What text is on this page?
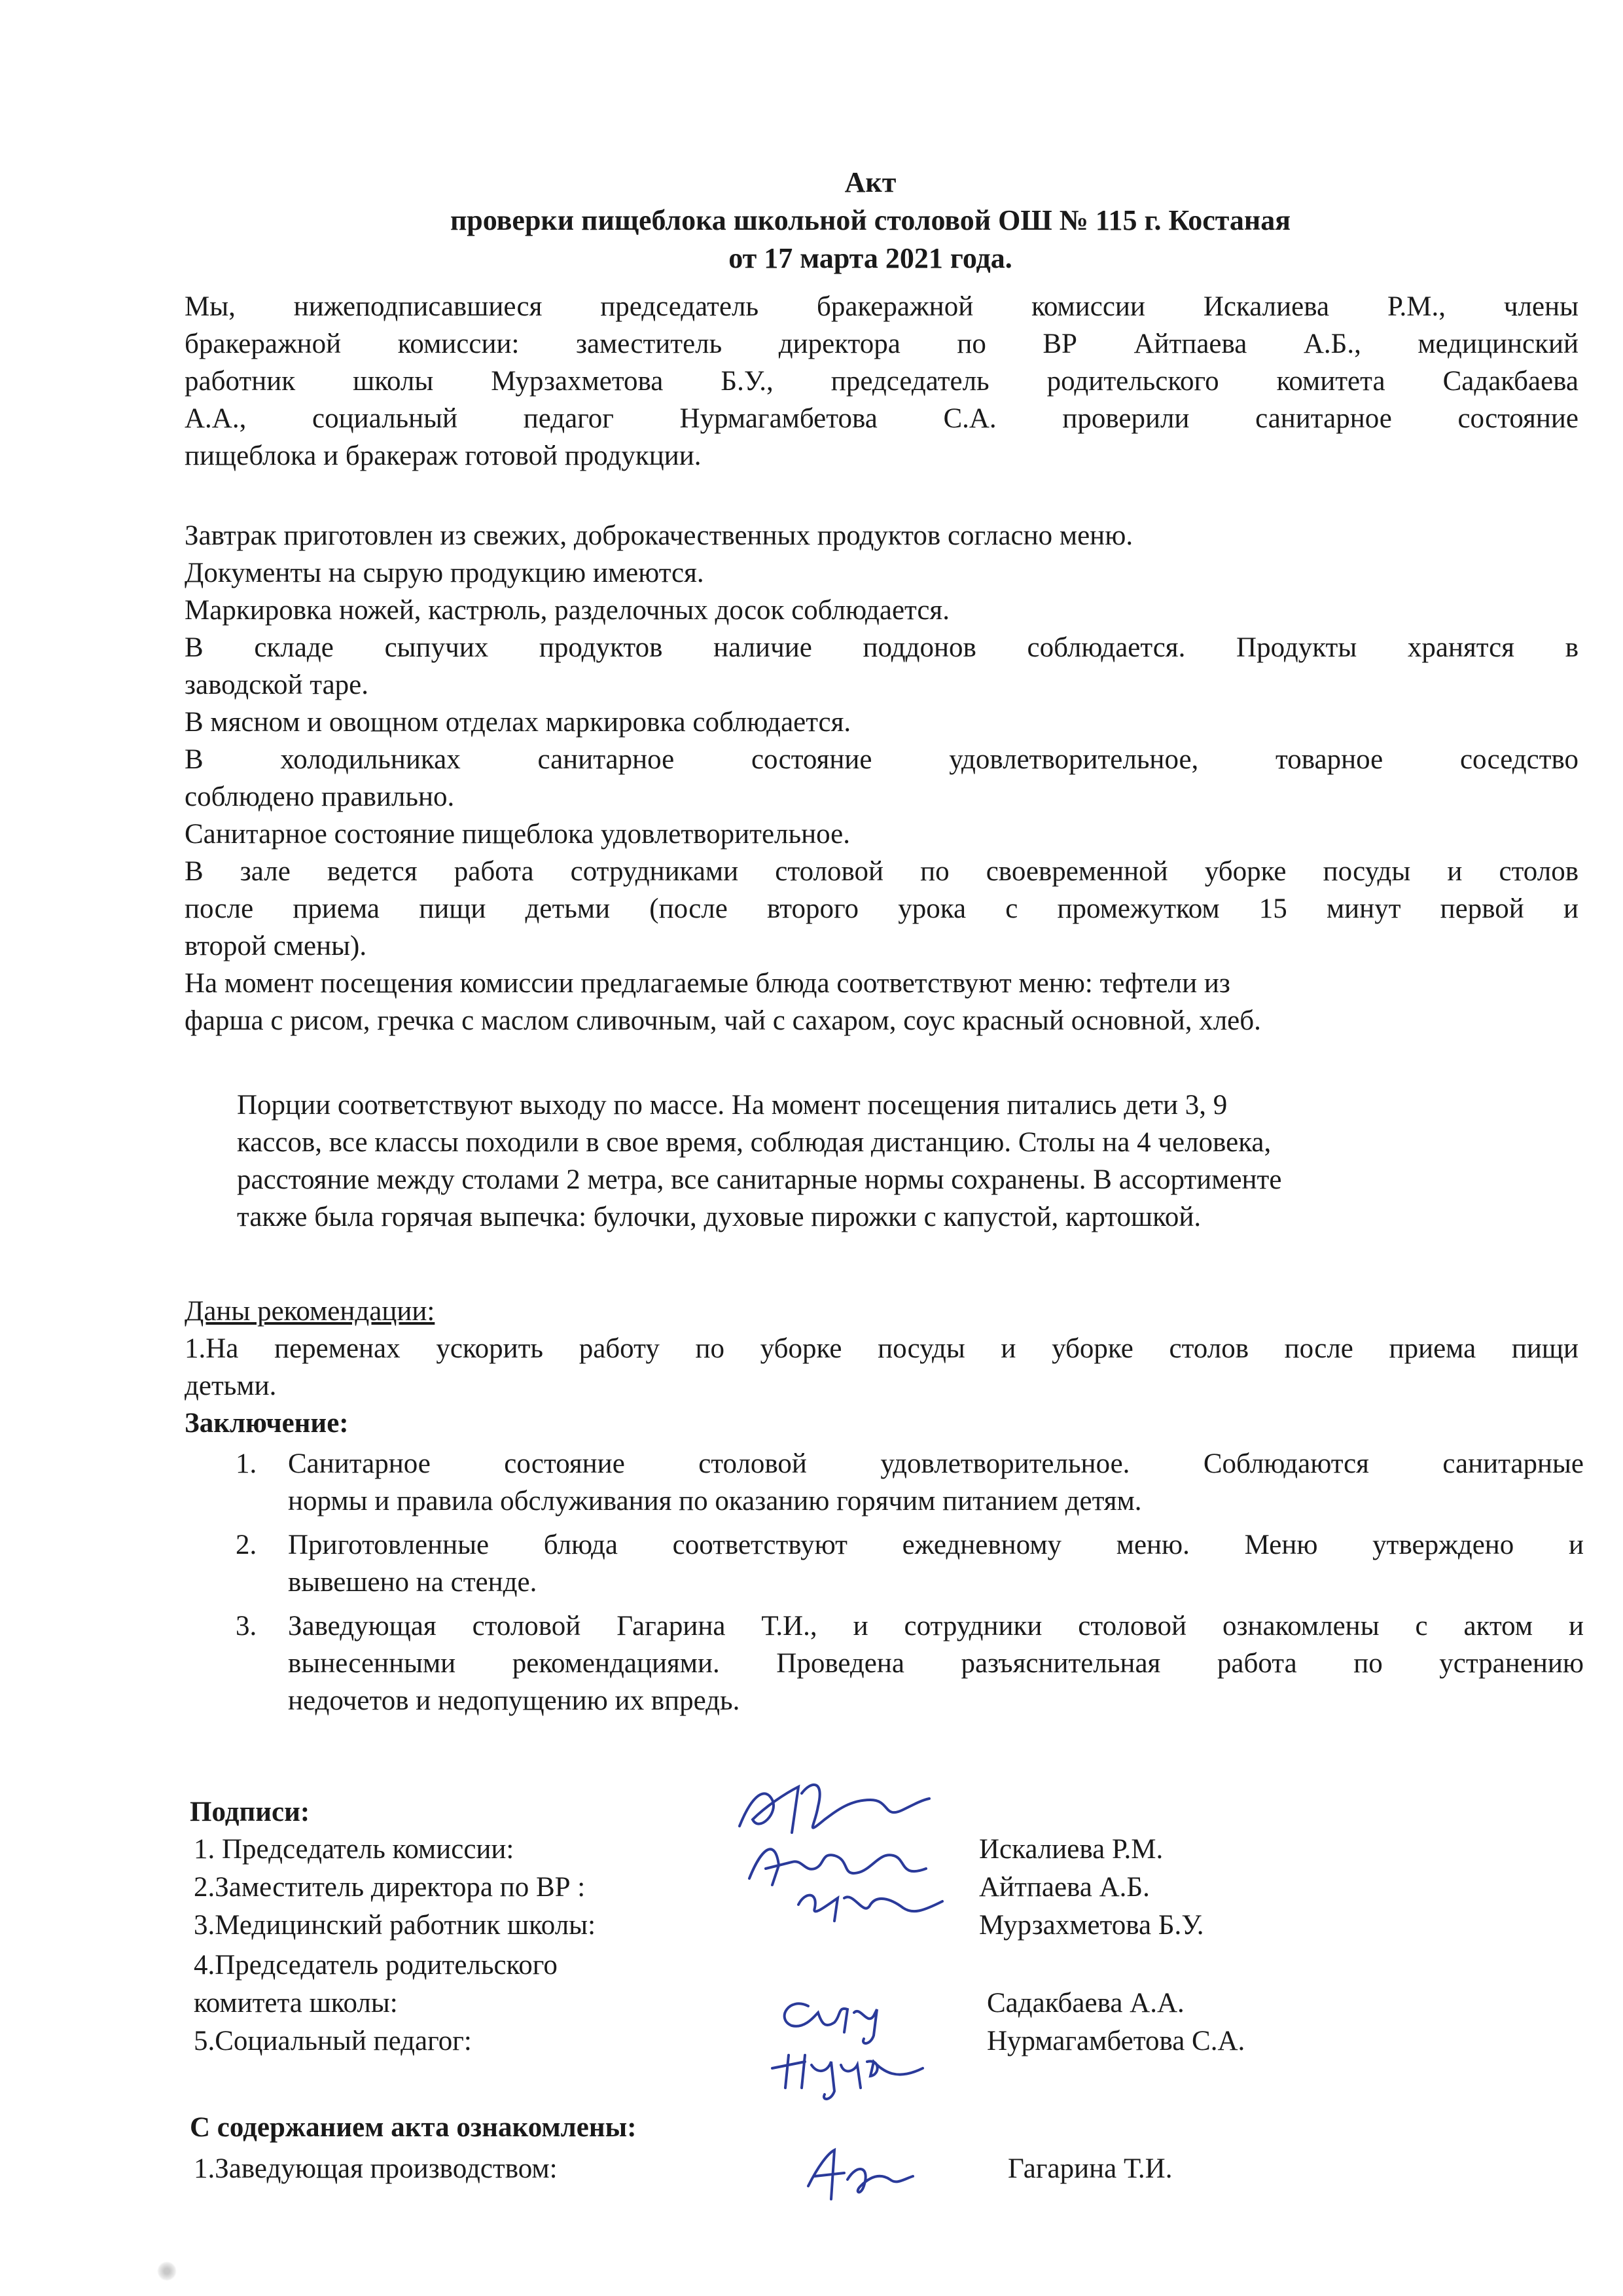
Акт
проверки пищеблока школьной столовой ОШ № 115 г. Костаная
от 17 марта 2021 года.
Мы, нижеподписавшиеся председатель бракеражной комиссии Искалиева Р.М., члены
бракеражной комиссии: заместитель директора по ВР Айтпаева А.Б., медицинский
работник школы Мурзахметова Б.У., председатель родительского комитета Садакбаева
А.А., социальный педагог Нурмагамбетова С.А. проверили санитарное состояние
пищеблока и бракераж готовой продукции.
Завтрак приготовлен из свежих, доброкачественных продуктов согласно меню.
Документы на сырую продукцию имеются.
Маркировка ножей, кастрюль, разделочных досок соблюдается.
В складе сыпучих продуктов наличие поддонов соблюдается. Продукты хранятся в
заводской таре.
В мясном и овощном отделах маркировка соблюдается.
В холодильниках санитарное состояние удовлетворительное, товарное соседство
соблюдено правильно.
Санитарное состояние пищеблока удовлетворительное.
В зале ведется работа сотрудниками столовой по своевременной уборке посуды и столов
после приема пищи детьми (после второго урока с промежутком 15 минут первой и
второй смены).
На момент посещения комиссии предлагаемые блюда соответствуют меню: тефтели из
фарша с рисом, гречка с маслом сливочным, чай с сахаром, соус красный основной, хлеб.
Порции соответствуют выходу по массе. На момент посещения питались дети 3, 9
кассов, все классы походили в свое время, соблюдая дистанцию. Столы на 4 человека,
расстояние между столами 2 метра, все санитарные нормы сохранены. В ассортименте
также была горячая выпечка: булочки, духовые пирожки с капустой, картошкой.
Даны рекомендации:
1.На переменах ускорить работу по уборке посуды и уборке столов после приема пищи
детьми.
Заключение:
1. Санитарное состояние столовой удовлетворительное. Соблюдаются санитарные
нормы и правила обслуживания по оказанию горячим питанием детям.
2. Приготовленные блюда соответствуют ежедневному меню. Меню утверждено и
вывешено на стенде.
3. Заведующая столовой Гагарина Т.И., и сотрудники столовой ознакомлены с актом и
вынесенными рекомендациями. Проведена разъяснительная работа по устранению
недочетов и недопущению их впредь.
Подписи:
1. Председатель комиссии:	Искалиева Р.М.
2.Заместитель директора по ВР :	Айтпаева А.Б.
3.Медицинский работник школы:	Мурзахметова Б.У.
4.Председатель родительского
комитета школы:	Садакбаева А.А.
5.Социальный педагог:	Нурмагамбетова С.А.
С содержанием акта ознакомлены:
1.Заведующая производством:	Гагарина Т.И.
